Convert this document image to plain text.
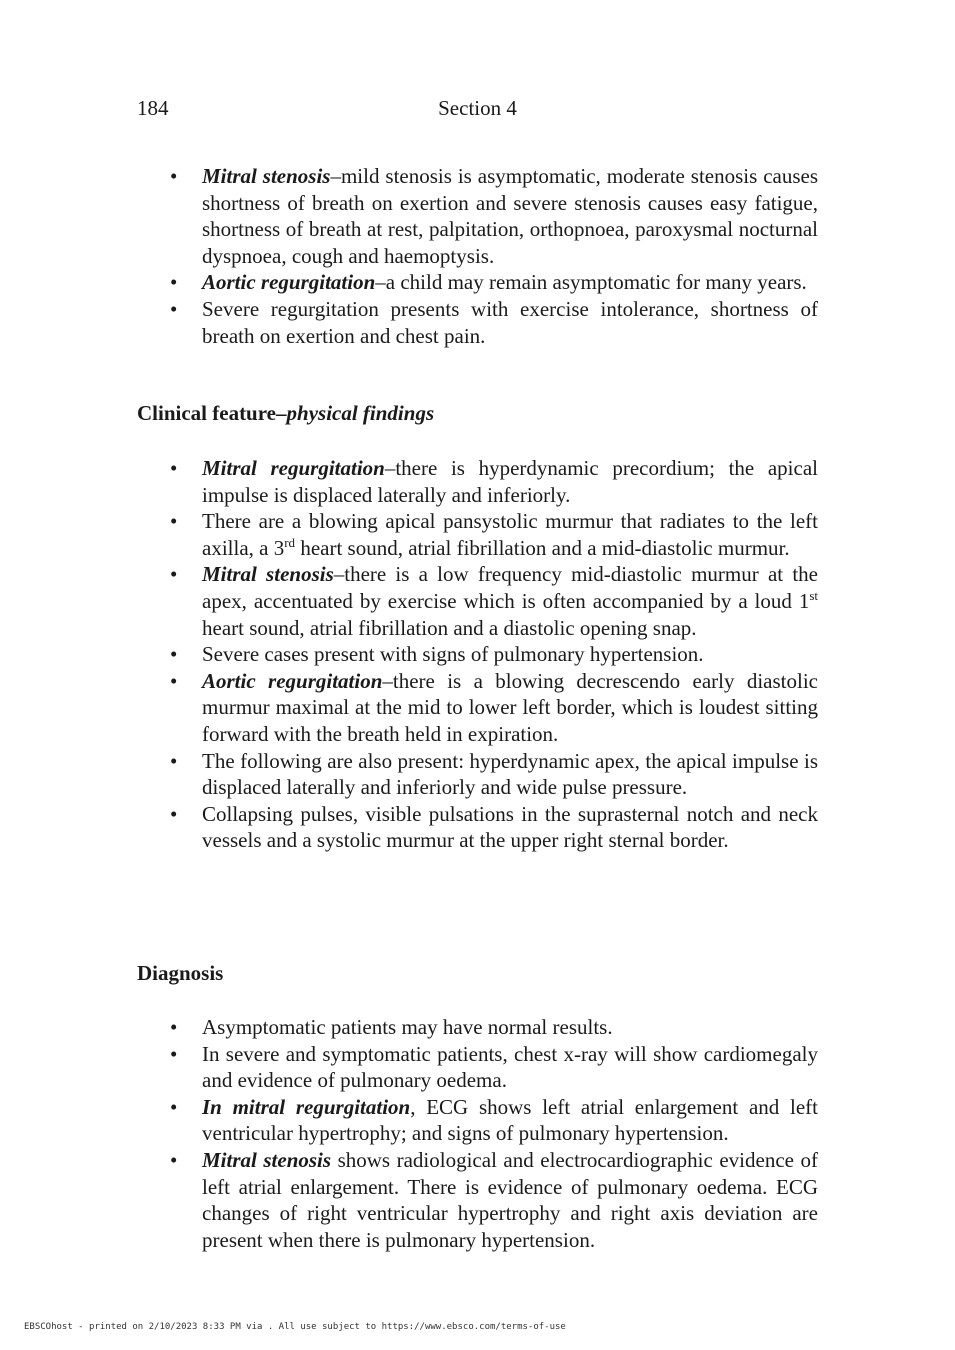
184	Section 4
• Mitral stenosis–mild stenosis is asymptomatic, moderate stenosis causes shortness of breath on exertion and severe stenosis causes easy fatigue, shortness of breath at rest, palpitation, orthopnoea, paroxysmal nocturnal dyspnoea, cough and haemoptysis.
• Aortic regurgitation–a child may remain asymptomatic for many years.
• Severe regurgitation presents with exercise intolerance, shortness of breath on exertion and chest pain.
Clinical feature–physical findings
• Mitral regurgitation–there is hyperdynamic precordium; the apical impulse is displaced laterally and inferiorly.
• There are a blowing apical pansystolic murmur that radiates to the left axilla, a 3rd heart sound, atrial fibrillation and a mid-diastolic murmur.
• Mitral stenosis–there is a low frequency mid-diastolic murmur at the apex, accentuated by exercise which is often accompanied by a loud 1st heart sound, atrial fibrillation and a diastolic opening snap.
• Severe cases present with signs of pulmonary hypertension.
• Aortic regurgitation–there is a blowing decrescendo early diastolic murmur maximal at the mid to lower left border, which is loudest sitting forward with the breath held in expiration.
• The following are also present: hyperdynamic apex, the apical impulse is displaced laterally and inferiorly and wide pulse pressure.
• Collapsing pulses, visible pulsations in the suprasternal notch and neck vessels and a systolic murmur at the upper right sternal border.
Diagnosis
• Asymptomatic patients may have normal results.
• In severe and symptomatic patients, chest x-ray will show cardiomegaly and evidence of pulmonary oedema.
• In mitral regurgitation, ECG shows left atrial enlargement and left ventricular hypertrophy; and signs of pulmonary hypertension.
• Mitral stenosis shows radiological and electrocardiographic evidence of left atrial enlargement. There is evidence of pulmonary oedema. ECG changes of right ventricular hypertrophy and right axis deviation are present when there is pulmonary hypertension.
EBSCOhost - printed on 2/10/2023 8:33 PM via . All use subject to https://www.ebsco.com/terms-of-use
